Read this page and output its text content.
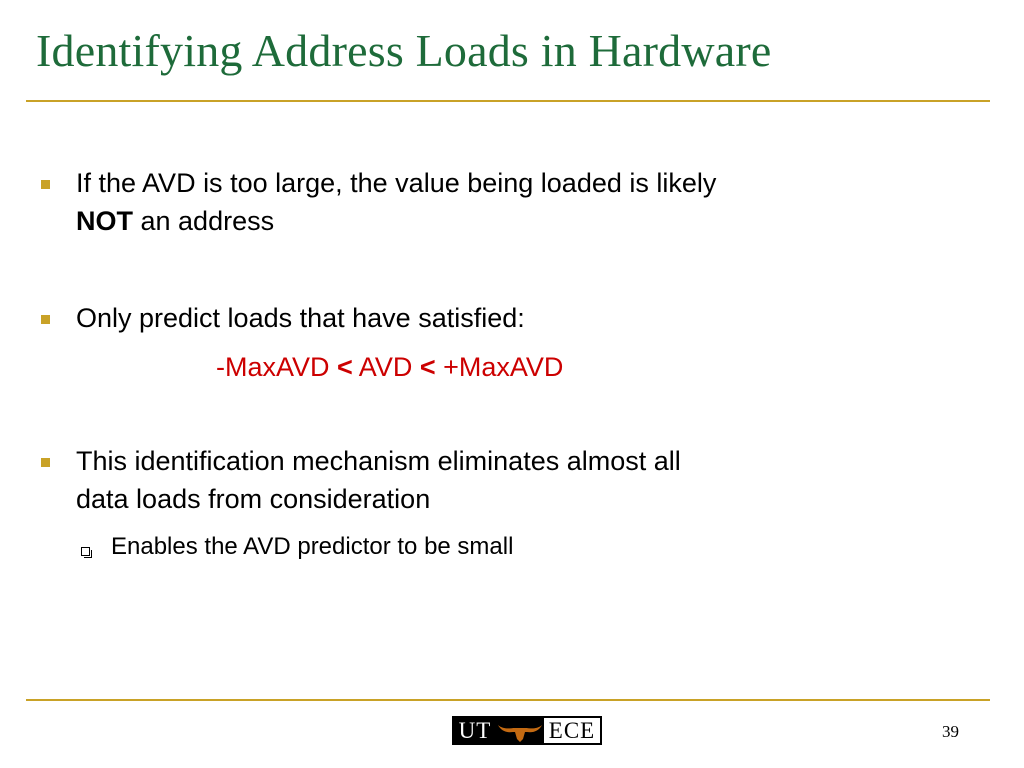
Identifying Address Loads in Hardware
If the AVD is too large, the value being loaded is likely
NOT an address
Only predict loads that have satisfied:
-MaxAVD < AVD < +MaxAVD
This identification mechanism eliminates almost all
data loads from consideration
Enables the AVD predictor to be small
UT ECE	39
